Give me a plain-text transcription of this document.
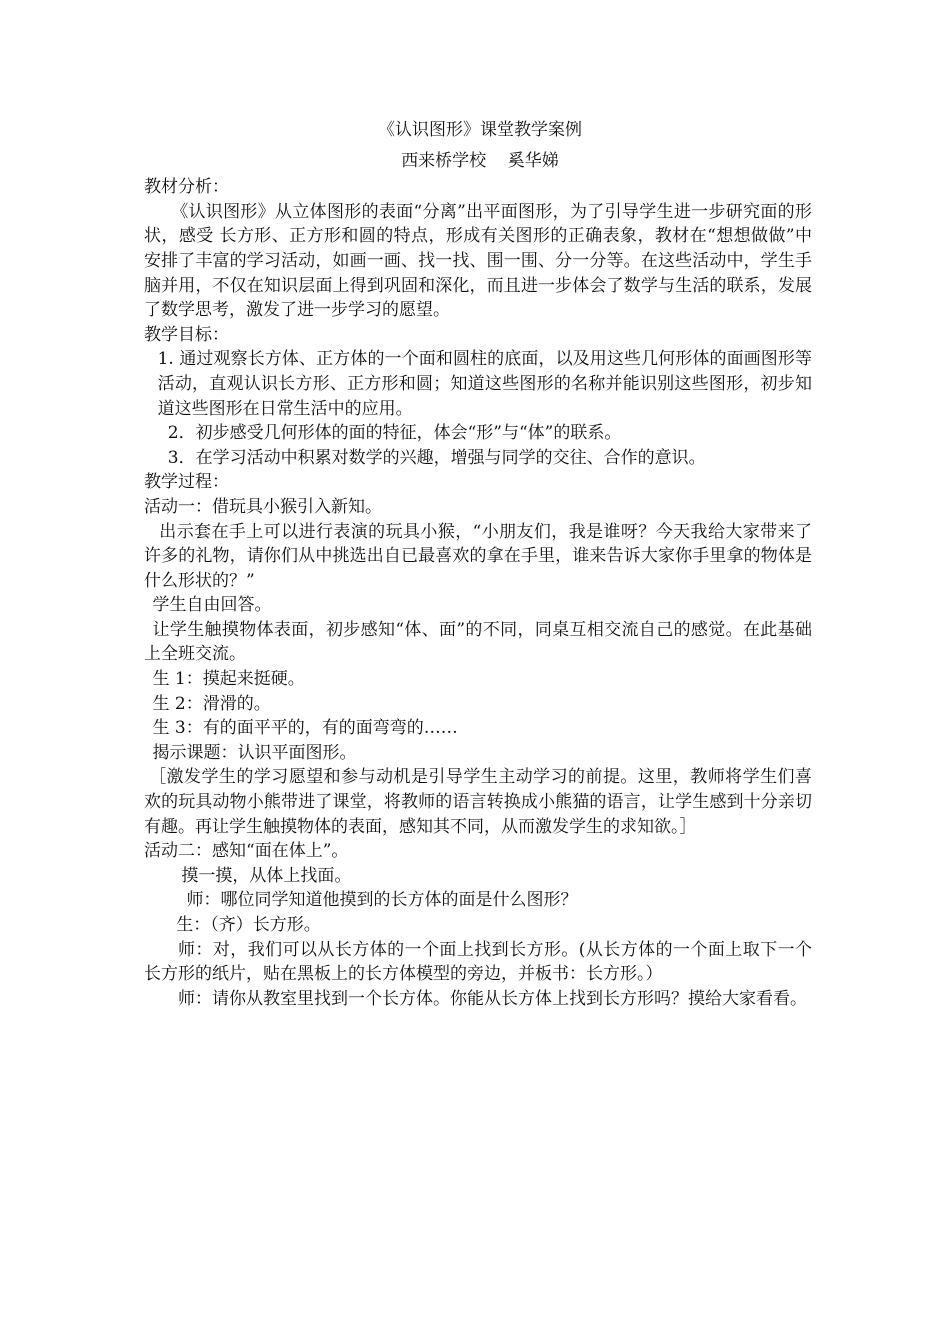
《认识图形》课堂教学案例
西来桥学校    奚华娣

教材分析：

《认识图形》从立体图形的表面“分离”出平面图形，为了引导学生进一步研究面的形状，感受 长方形、正方形和圆的特点，形成有关图形的正确表象，教材在“想想做做”中安排了丰富的学习活动，如画一画、找一找、围一围、分一分等。在这些活动中，学生手脑并用，不仅在知识层面上得到巩固和深化，而且进一步体会了数学与生活的联系，发展了数学思考，激发了进一步学习的愿望。

教学目标：

1. 通过观察长方体、正方体的一个面和圆柱的底面，以及用这些几何形体的面画图形等活动，直观认识长方形、正方形和圆；知道这些图形的名称并能识别这些图形，初步知道这些图形在日常生活中的应用。

2．初步感受几何形体的面的特征，体会“形”与“体”的联系。

3．在学习活动中积累对数学的兴趣，增强与同学的交往、合作的意识。

教学过程：

活动一：借玩具小猴引入新知。

出示套在手上可以进行表演的玩具小猴，“小朋友们，我是谁呀？今天我给大家带来了许多的礼物，请你们从中挑选出自已最喜欢的拿在手里，谁来告诉大家你手里拿的物体是什么形状的？”

学生自由回答。

让学生触摸物体表面，初步感知“体、面”的不同，同桌互相交流自己的感觉。在此基础上全班交流。

生 1：摸起来挺硬。

生 2：滑滑的。

生 3：有的面平平的，有的面弯弯的……

揭示课题：认识平面图形。

［激发学生的学习愿望和参与动机是引导学生主动学习的前提。这里，教师将学生们喜欢的玩具动物小熊带进了课堂，将教师的语言转换成小熊猫的语言，让学生感到十分亲切有趣。再让学生触摸物体的表面，感知其不同，从而激发学生的求知欲。］

活动二：感知“面在体上”。

摸一摸，从体上找面。

师：哪位同学知道他摸到的长方体的面是什么图形？

生：（齐）长方形。

师：对，我们可以从长方体的一个面上找到长方形。(从长方体的一个面上取下一个长方形的纸片，贴在黑板上的长方体模型的旁边，并板书：长方形。）

师：请你从教室里找到一个长方体。你能从长方体上找到长方形吗？摸给大家看看。
